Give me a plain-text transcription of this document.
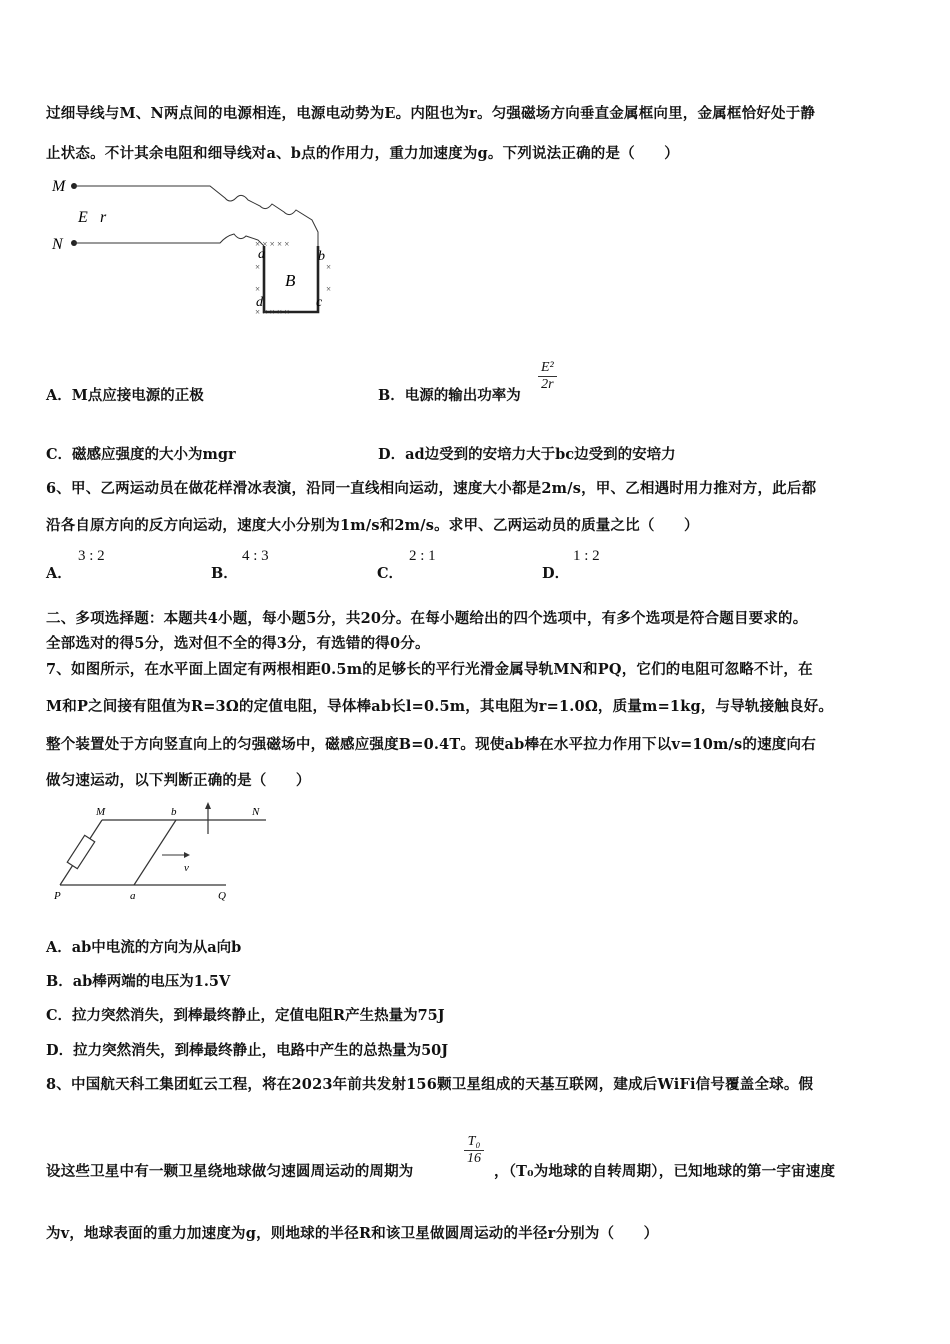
过细导线与M、N两点间的电源相连，电源电动势为E。内阻也为r。匀强磁场方向垂直金属框向里，金属框恰好处于静
止状态。不计其余电阻和细导线对a、b点的作用力，重力加速度为g。下列说法正确的是（　　）
M
N
E r
× × × × ×
×	×
×	×
× × × × ×
a	b
d	c
B
A．M点应接电源的正极	B．电源的输出功率为
$\frac{\text{E²}}{2r}$
C．磁感应强度的大小为mgr	D．ad边受到的安培力大于bc边受到的安培力
6、甲、乙两运动员在做花样滑冰表演，沿同一直线相向运动，速度大小都是2m/s，甲、乙相遇时用力推对方，此后都
沿各自原方向的反方向运动，速度大小分别为1m/s和2m/s。求甲、乙两运动员的质量之比（　　）
A．
3 : 2
B．
4 : 3
C．
2 : 1
D．
1 : 2
二、多项选择题：本题共4小题，每小题5分，共20分。在每小题给出的四个选项中，有多个选项是符合题目要求的。
全部选对的得5分，选对但不全的得3分，有选错的得0分。
7、如图所示，在水平面上固定有两根相距0.5m的足够长的平行光滑金属导轨MN和PQ，它们的电阻可忽略不计，在
M和P之间接有阻值为R=3Ω的定值电阻，导体棒ab长l=0.5m，其电阻为r=1.0Ω，质量m=1kg，与导轨接触良好。
整个装置处于方向竖直向上的匀强磁场中，磁感应强度B=0.4T。现使ab棒在水平拉力作用下以v=10m/s的速度向右
做匀速运动，以下判断正确的是（　　）
v
M	b	N
P	a	Q
A．ab中电流的方向为从a向b
B．ab棒两端的电压为1.5V
C．拉力突然消失，到棒最终静止，定值电阻R产生热量为75J
D．拉力突然消失，到棒最终静止，电路中产生的总热量为50J
8、中国航天科工集团虹云工程，将在2023年前共发射156颗卫星组成的天基互联网，建成后WiFi信号覆盖全球。假
设这些卫星中有一颗卫星绕地球做匀速圆周运动的周期为
$\frac{\text{T₀}}{16}$
，（T₀为地球的自转周期），已知地球的第一宇宙速度
为v，地球表面的重力加速度为g，则地球的半径R和该卫星做圆周运动的半径r分别为（　　）
